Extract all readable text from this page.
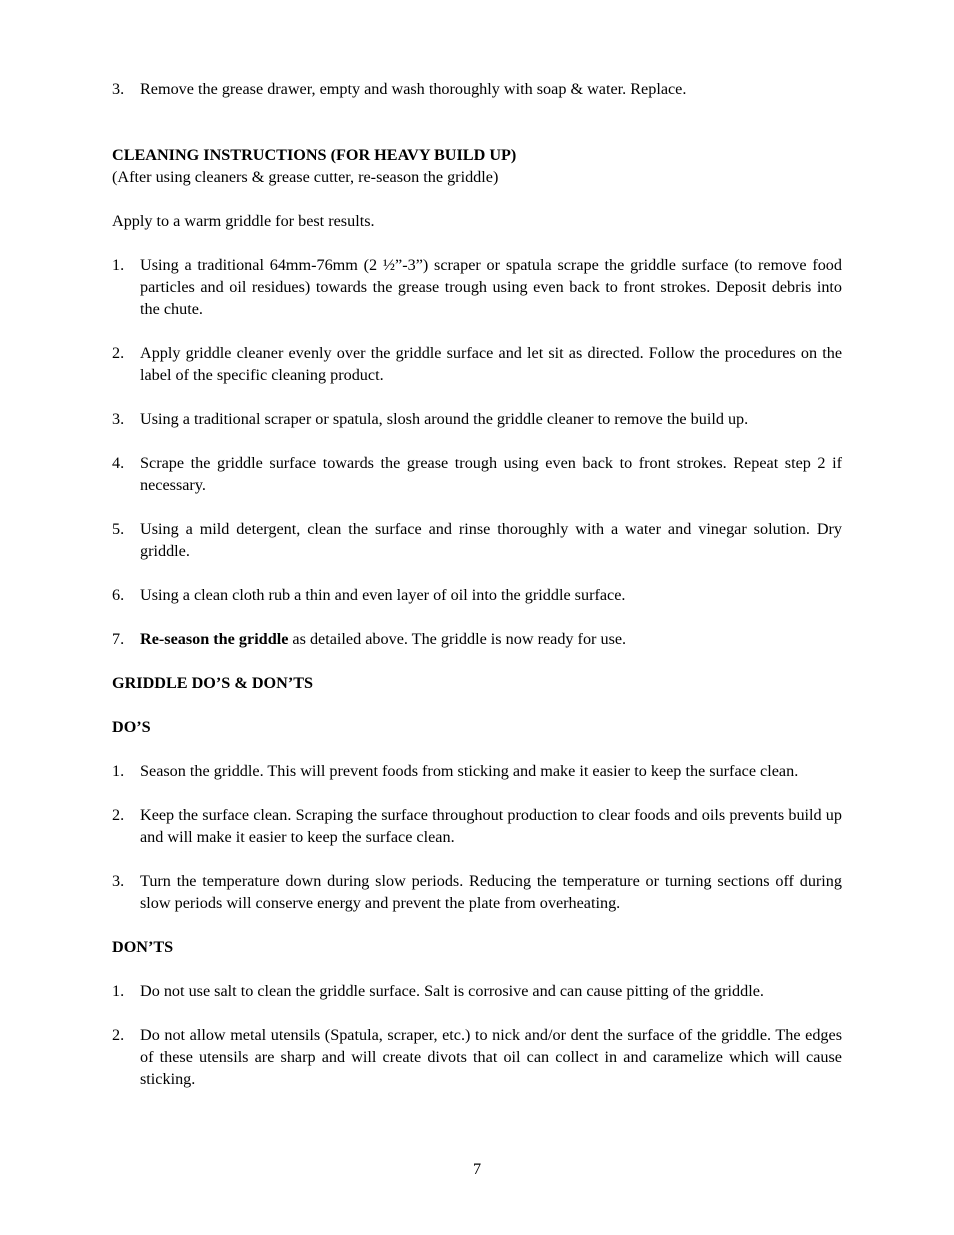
3. Remove the grease drawer, empty and wash thoroughly with soap & water. Replace.

CLEANING INSTRUCTIONS (FOR HEAVY BUILD UP)

(After using cleaners & grease cutter, re-season the griddle)

Apply to a warm griddle for best results.

1. Using a traditional 64mm-76mm (2 ½”-3”) scraper or spatula scrape the griddle surface (to remove food particles and oil residues) towards the grease trough using even back to front strokes. Deposit debris into the chute.
2. Apply griddle cleaner evenly over the griddle surface and let sit as directed. Follow the procedures on the label of the specific cleaning product.
3. Using a traditional scraper or spatula, slosh around the griddle cleaner to remove the build up.
4. Scrape the griddle surface towards the grease trough using even back to front strokes. Repeat step 2 if necessary.
5. Using a mild detergent, clean the surface and rinse thoroughly with a water and vinegar solution. Dry griddle.
6. Using a clean cloth rub a thin and even layer of oil into the griddle surface.
7. Re-season the griddle as detailed above. The griddle is now ready for use.

GRIDDLE DO’S & DON’TS

DO’S

1. Season the griddle. This will prevent foods from sticking and make it easier to keep the surface clean.
2. Keep the surface clean. Scraping the surface throughout production to clear foods and oils prevents build up and will make it easier to keep the surface clean.
3. Turn the temperature down during slow periods. Reducing the temperature or turning sections off during slow periods will conserve energy and prevent the plate from overheating.

DON’TS

1. Do not use salt to clean the griddle surface. Salt is corrosive and can cause pitting of the griddle.
2. Do not allow metal utensils (Spatula, scraper, etc.) to nick and/or dent the surface of the griddle. The edges of these utensils are sharp and will create divots that oil can collect in and caramelize which will cause sticking.
7
